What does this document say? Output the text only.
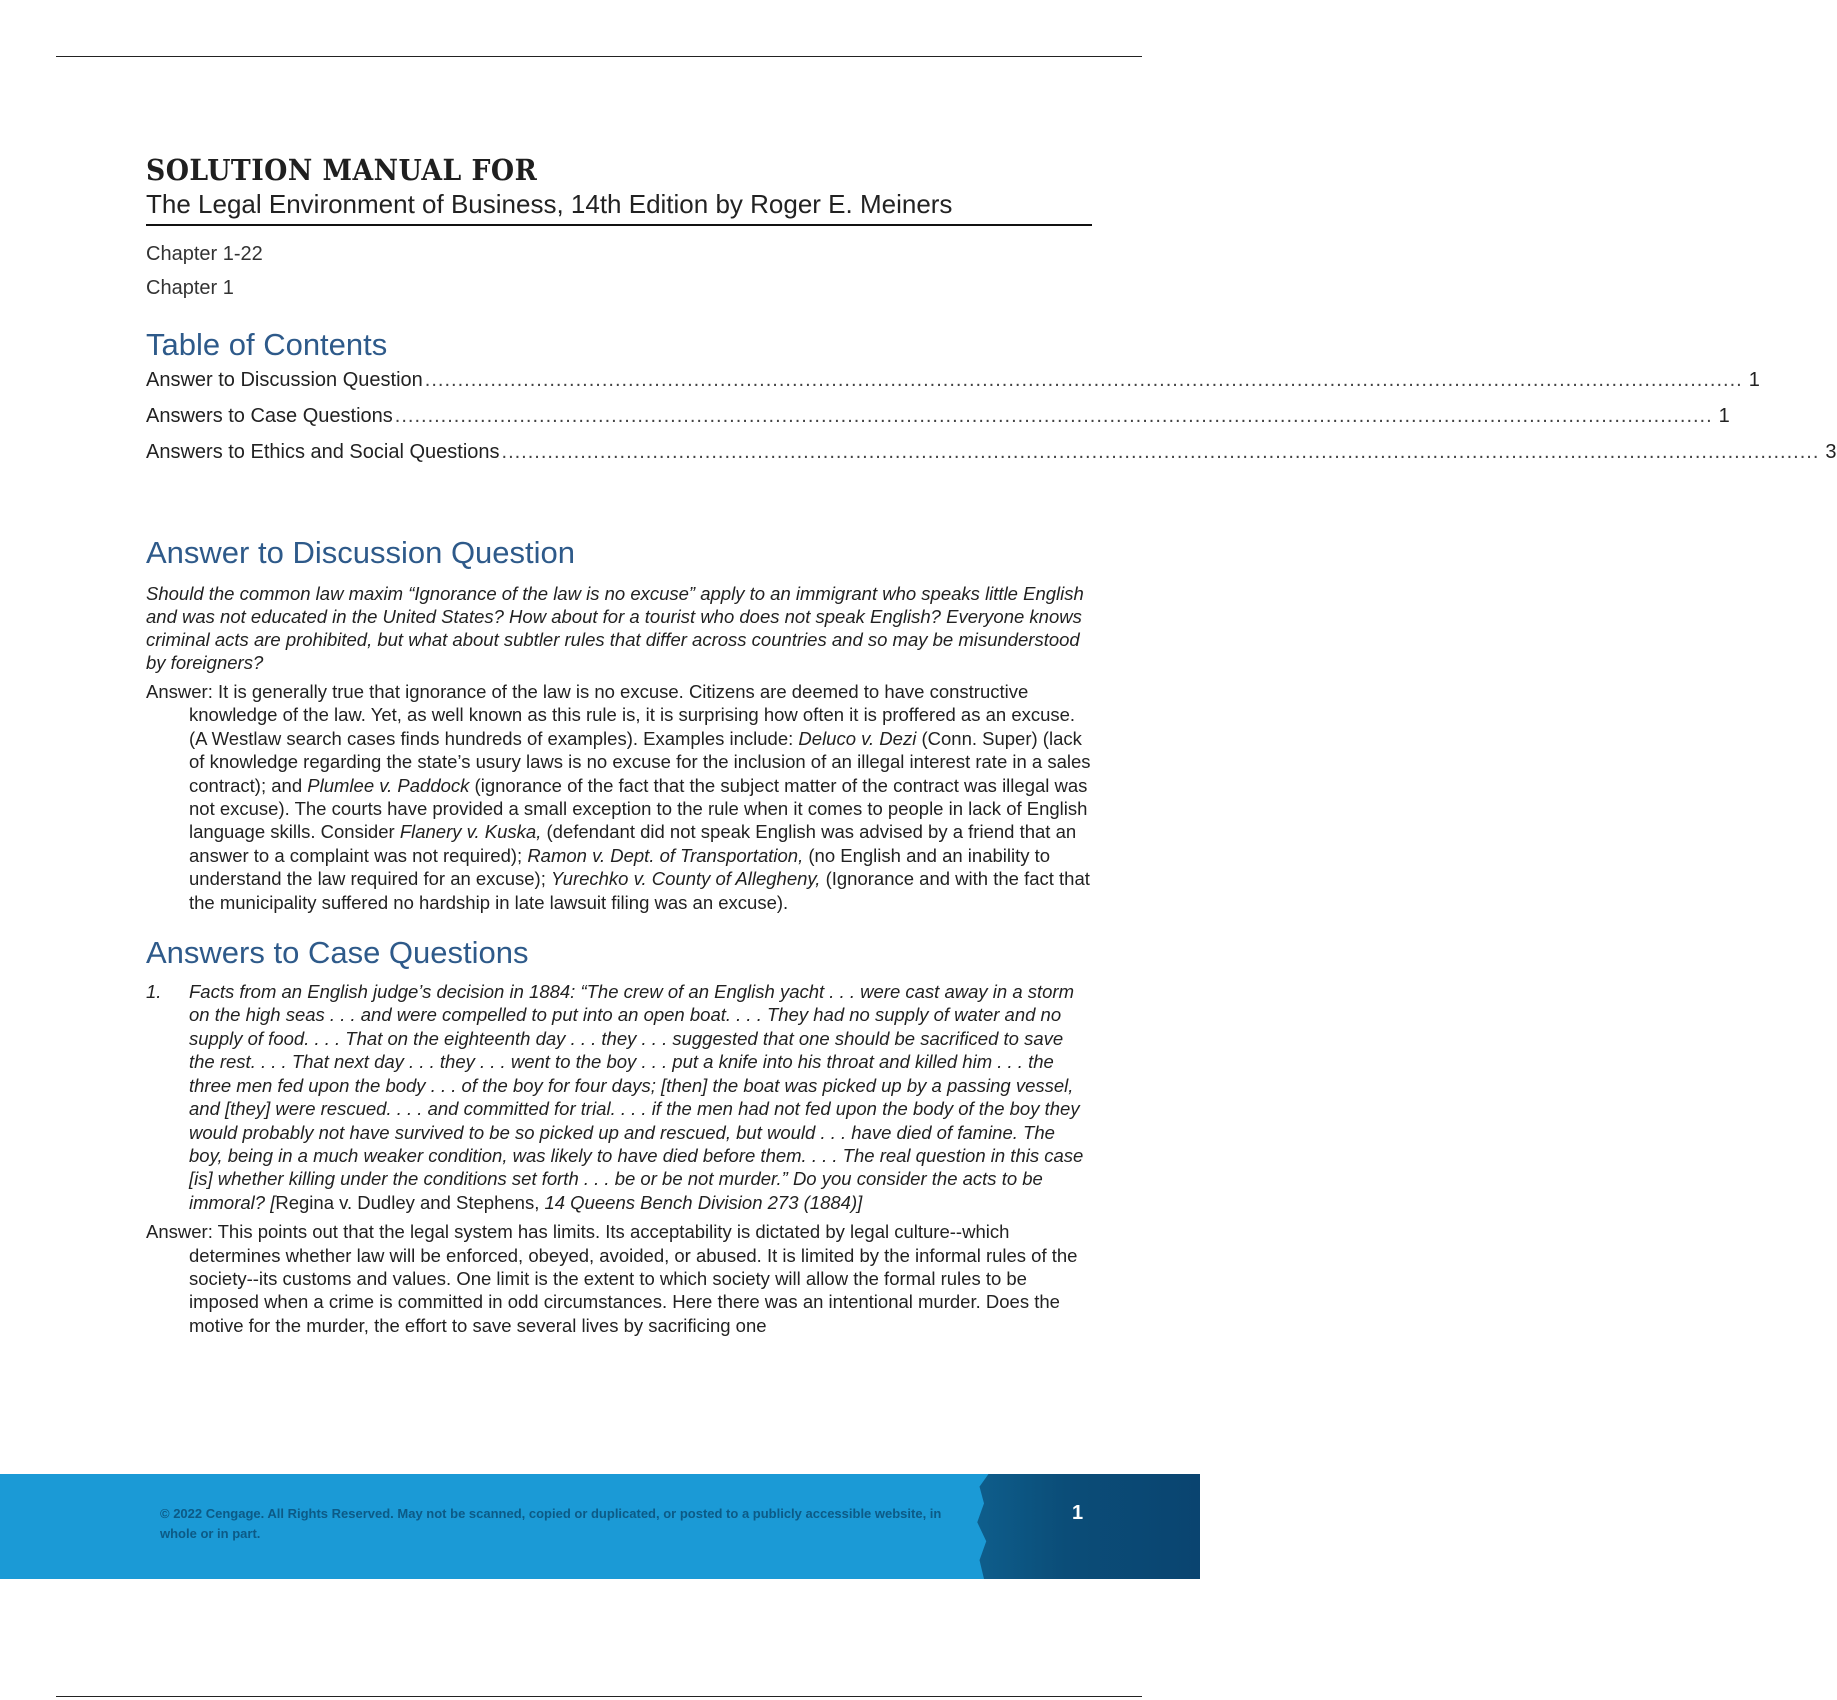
SOLUTION MANUAL FOR

The Legal Environment of Business, 14th Edition by Roger E. Meiners

Chapter 1-22

Chapter 1

Table of Contents
Answer to Discussion Question ......................................................................................................................................................................................................... 1
Answers to Case Questions ......................................................................................................................................................................................................... 1
Answers to Ethics and Social Questions ......................................................................................................................................................................................................... 3
Answer to Discussion Question

Should the common law maxim “Ignorance of the law is no excuse” apply to an immigrant who speaks little English and was not educated in the United States? How about for a tourist who does not speak English? Everyone knows criminal acts are prohibited, but what about subtler rules that differ across countries and so may be misunderstood by foreigners?

Answer: It is generally true that ignorance of the law is no excuse. Citizens are deemed to have constructive knowledge of the law. Yet, as well known as this rule is, it is surprising how often it is proffered as an excuse. (A Westlaw search cases finds hundreds of examples). Examples include: Deluco v. Dezi (Conn. Super) (lack of knowledge regarding the state’s usury laws is no excuse for the inclusion of an illegal interest rate in a sales contract); and Plumlee v. Paddock (ignorance of the fact that the subject matter of the contract was illegal was not excuse). The courts have provided a small exception to the rule when it comes to people in lack of English language skills. Consider Flanery v. Kuska, (defendant did not speak English was advised by a friend that an answer to a complaint was not required); Ramon v. Dept. of Transportation, (no English and an inability to understand the law required for an excuse); Yurechko v. County of Allegheny, (Ignorance and with the fact that the municipality suffered no hardship in late lawsuit filing was an excuse).

Answers to Case Questions
1.	Facts from an English judge’s decision in 1884: “The crew of an English yacht . . . were cast away in a storm on the high seas . . . and were compelled to put into an open boat. . . . They had no supply of water and no supply of food. . . . That on the eighteenth day . . . they . . . suggested that one should be sacrificed to save the rest. . . . That next day . . . they . . . went to the boy . . . put a knife into his throat and killed him . . . the three men fed upon the body . . . of the boy for four days; [then] the boat was picked up by a passing vessel, and [they] were rescued. . . . and committed for trial. . . . if the men had not fed upon the body of the boy they would probably not have survived to be so picked up and rescued, but would . . . have died of famine. The boy, being in a much weaker condition, was likely to have died before them. . . . The real question in this case [is] whether killing under the conditions set forth . . . be or be not murder.” Do you consider the acts to be immoral? [Regina v. Dudley and Stephens, 14 Queens Bench Division 273 (1884)]

Answer: This points out that the legal system has limits. Its acceptability is dictated by legal culture--which determines whether law will be enforced, obeyed, avoided, or abused. It is limited by the informal rules of the society--its customs and values. One limit is the extent to which society will allow the formal rules to be imposed when a crime is committed in odd circumstances. Here there was an intentional murder. Does the motive for the murder, the effort to save several lives by sacrificing one

© 2022 Cengage. All Rights Reserved. May not be scanned, copied or duplicated, or posted to a publicly accessible website, in whole or in part.
1
